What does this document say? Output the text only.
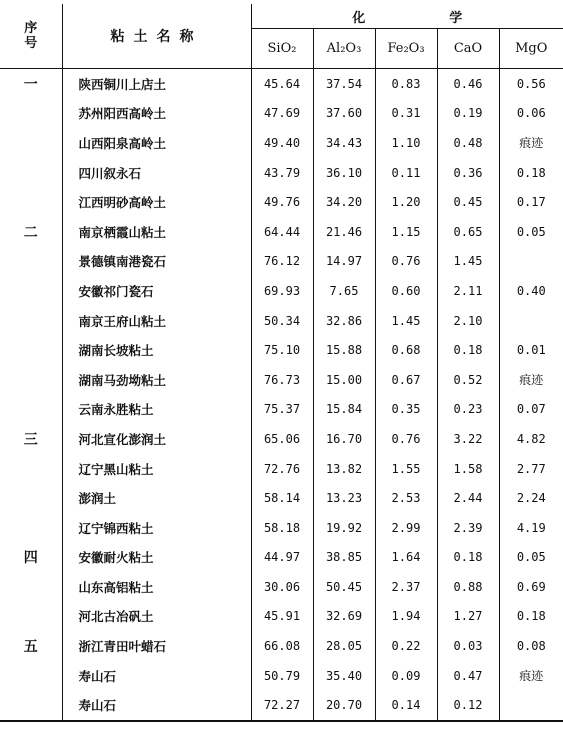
序号	粘土名称	化 学				

		SiO₂	Al₂O₃	Fe₂O₃	CaO	MgO
一	陕西铜川上店土	45.64	37.54	0.83	0.46	0.56
	苏州阳西高岭土	47.69	37.60	0.31	0.19	0.06
	山西阳泉高岭土	49.40	34.43	1.10	0.48	痕迹
	四川叙永石	43.79	36.10	0.11	0.36	0.18
	江西明砂高岭土	49.76	34.20	1.20	0.45	0.17
二	南京栖霞山粘土	64.44	21.46	1.15	0.65	0.05
	景德镇南港瓷石	76.12	14.97	0.76	1.45	
	安徽祁门瓷石	69.93	7.65	0.60	2.11	0.40
	南京王府山粘土	50.34	32.86	1.45	2.10	
	湖南长坡粘土	75.10	15.88	0.68	0.18	0.01
	湖南马劲坳粘土	76.73	15.00	0.67	0.52	痕迹
	云南永胜粘土	75.37	15.84	0.35	0.23	0.07
三	河北宣化澎润土	65.06	16.70	0.76	3.22	4.82
	辽宁黑山粘土	72.76	13.82	1.55	1.58	2.77
	澎润土	58.14	13.23	2.53	2.44	2.24
	辽宁锦西粘土	58.18	19.92	2.99	2.39	4.19
四	安徽耐火粘土	44.97	38.85	1.64	0.18	0.05
	山东高铝粘土	30.06	50.45	2.37	0.88	0.69
	河北古冶矾土	45.91	32.69	1.94	1.27	0.18
五	浙江青田叶蜡石	66.08	28.05	0.22	0.03	0.08
	寿山石	50.79	35.40	0.09	0.47	痕迹
	寿山石	72.27	20.70	0.14	0.12	
